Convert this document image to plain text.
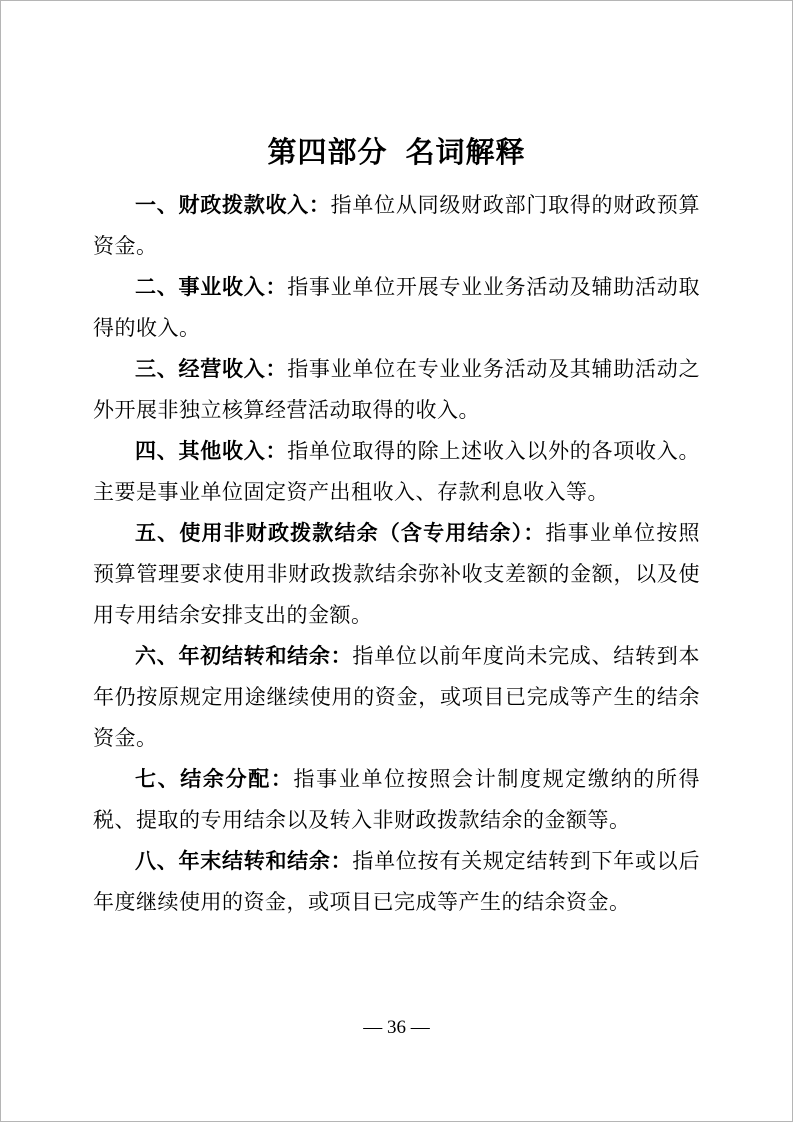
第四部分  名词解释

一、财政拨款收入：指单位从同级财政部门取得的财政预算资金。

二、事业收入：指事业单位开展专业业务活动及辅助活动取得的收入。

三、经营收入：指事业单位在专业业务活动及其辅助活动之外开展非独立核算经营活动取得的收入。

四、其他收入：指单位取得的除上述收入以外的各项收入。主要是事业单位固定资产出租收入、存款利息收入等。

五、使用非财政拨款结余（含专用结余）：指事业单位按照预算管理要求使用非财政拨款结余弥补收支差额的金额，以及使用专用结余安排支出的金额。

六、年初结转和结余：指单位以前年度尚未完成、结转到本年仍按原规定用途继续使用的资金，或项目已完成等产生的结余资金。

七、结余分配：指事业单位按照会计制度规定缴纳的所得税、提取的专用结余以及转入非财政拨款结余的金额等。

八、年末结转和结余：指单位按有关规定结转到下年或以后年度继续使用的资金，或项目已完成等产生的结余资金。

— 36 —
